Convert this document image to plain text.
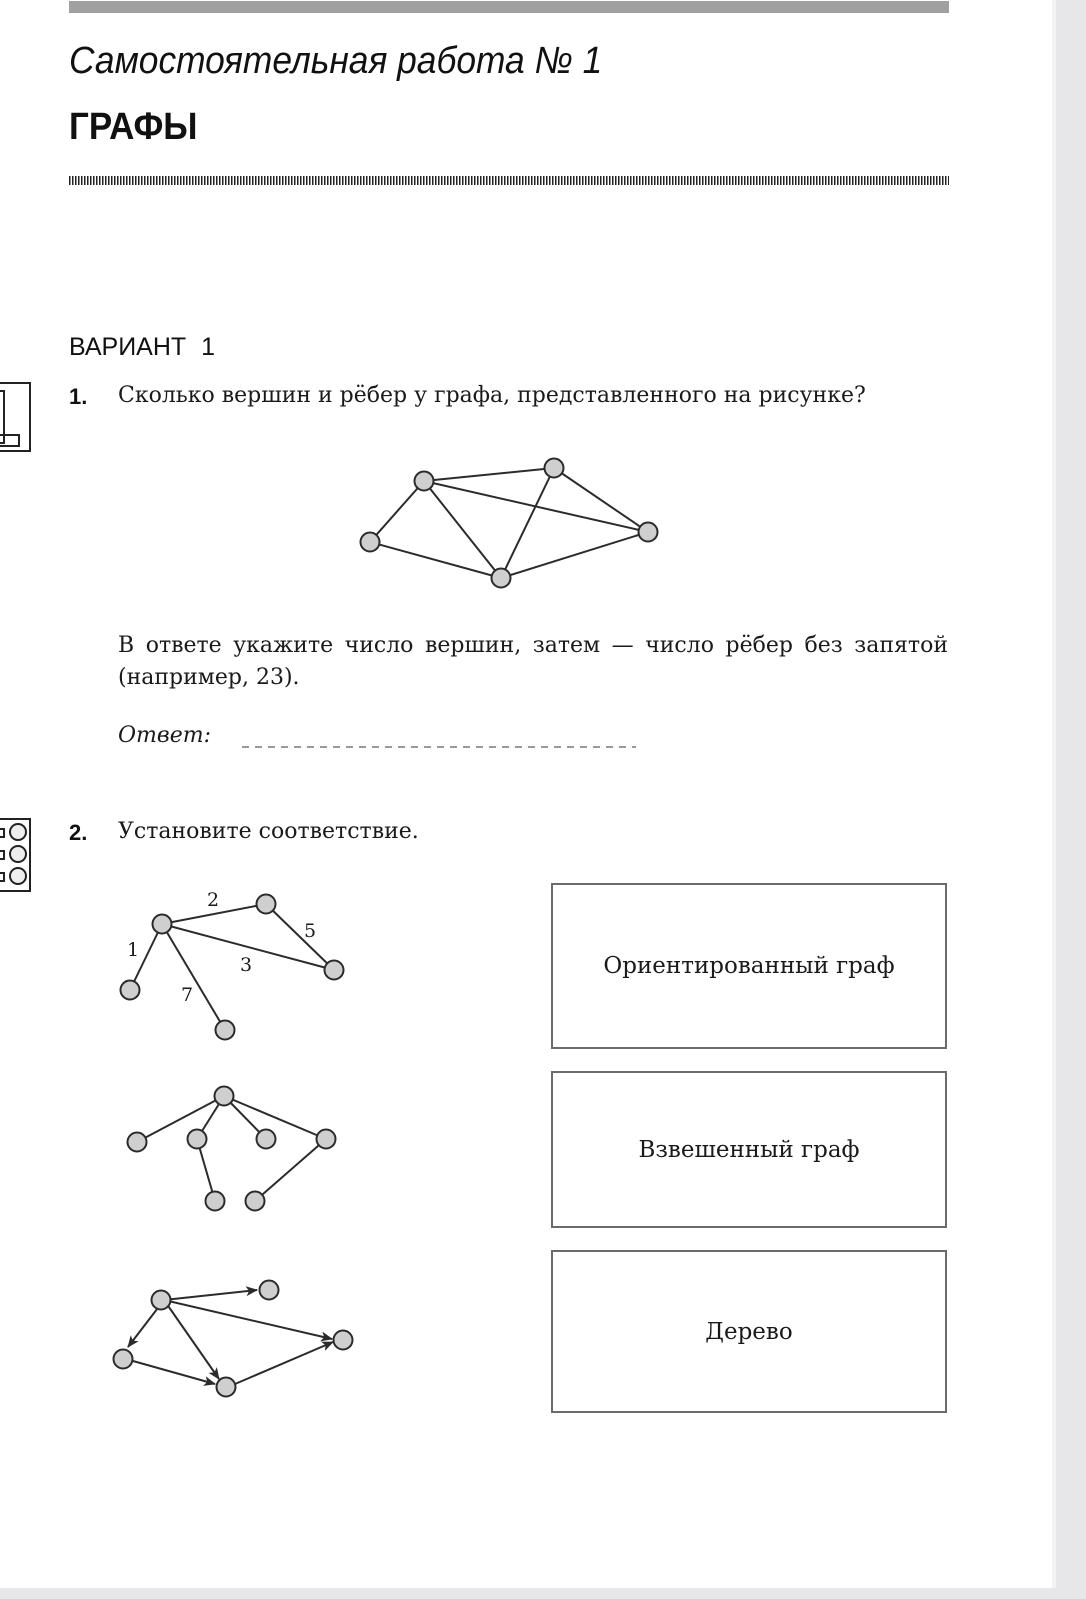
Самостоятельная работа № 1
ГРАФЫ
ВАРИАНТ 1
1. Сколько вершин и рёбер у графа, представленного на рисунке?
В ответе укажите число вершин, затем — число рёбер без запятой (например, 23).
Ответ:
2. Установите соответствие.
2
5
3
1
7
Ориентированный граф
Взвешенный граф
Дерево
